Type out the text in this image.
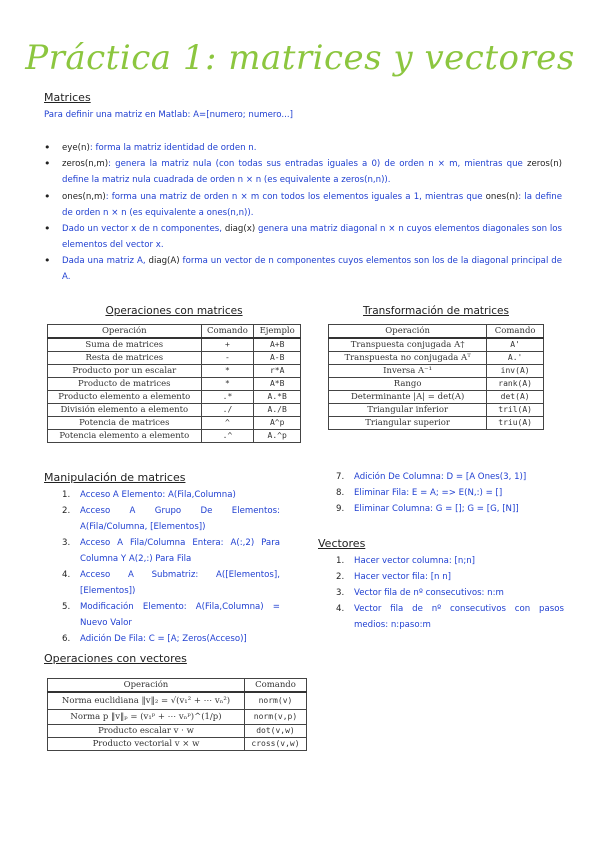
Práctica 1: matrices y vectores
Matrices
Para definir una matriz en Matlab: A=[numero; numero...]
• eye(n): forma la matriz identidad de orden n.
• zeros(n,m): genera la matriz nula (con todas sus entradas iguales a 0) de orden n × m, mientras que zeros(n) define la matriz nula cuadrada de orden n × n (es equivalente a zeros(n,n)).
• ones(n,m): forma una matriz de orden n × m con todos los elementos iguales a 1, mientras que ones(n): la define de orden n × n (es equivalente a ones(n,n)).
• Dado un vector x de n componentes, diag(x) genera una matriz diagonal n × n cuyos elementos diagonales son los elementos del vector x.
• Dada una matriz A, diag(A) forma un vector de n componentes cuyos elementos son los de la diagonal principal de A.
Operaciones con matrices
Operación	Comando	Ejemplo
Suma de matrices	+	A+B
Resta de matrices	-	A-B
Producto por un escalar	*	r*A
Producto de matrices	*	A*B
Producto elemento a elemento	.*	A.*B
División elemento a elemento	./	A./B
Potencia de matrices	^	A^p
Potencia elemento a elemento	.^	A.^p
Transformación de matrices
Operación	Comando
Transpuesta conjugada A†	A'
Transpuesta no conjugada Aᵀ	A.'
Inversa A⁻¹	inv(A)
Rango	rank(A)
Determinante |A| = det(A)	det(A)
Triangular inferior	tril(A)
Triangular superior	triu(A)
Manipulación de matrices
1. Acceso A Elemento: A(Fila,Columna)
2. Acceso A Grupo De Elementos: A(Fila/Columna, [Elementos])
3. Acceso A Fila/Columna Entera: A(:,2) Para Columna Y A(2,:) Para Fila
4. Acceso A Submatriz: A([Elementos], [Elementos])
5. Modificación Elemento: A(Fila,Columna) = Nuevo Valor
6. Adición De Fila: C = [A; Zeros(Acceso)]
7. Adición De Columna: D = [A Ones(3, 1)]
8. Eliminar Fila: E = A; => E(N,:) = []
9. Eliminar Columna: G = []; G = [G, [N]]
Vectores
1. Hacer vector columna: [n;n]
2. Hacer vector fila: [n n]
3. Vector fila de nº consecutivos: n:m
4. Vector fila de nº consecutivos con pasos medios: n:paso:m
Operaciones con vectores
Operación	Comando
Norma euclidiana ‖v‖₂ = √(v₁² + ⋯ vₙ²)	norm(v)
Norma p ‖v‖ₚ = (v₁ᵖ + ⋯ vₙᵖ)^(1/p)	norm(v,p)
Producto escalar v · w	dot(v,w)
Producto vectorial v × w	cross(v,w)
